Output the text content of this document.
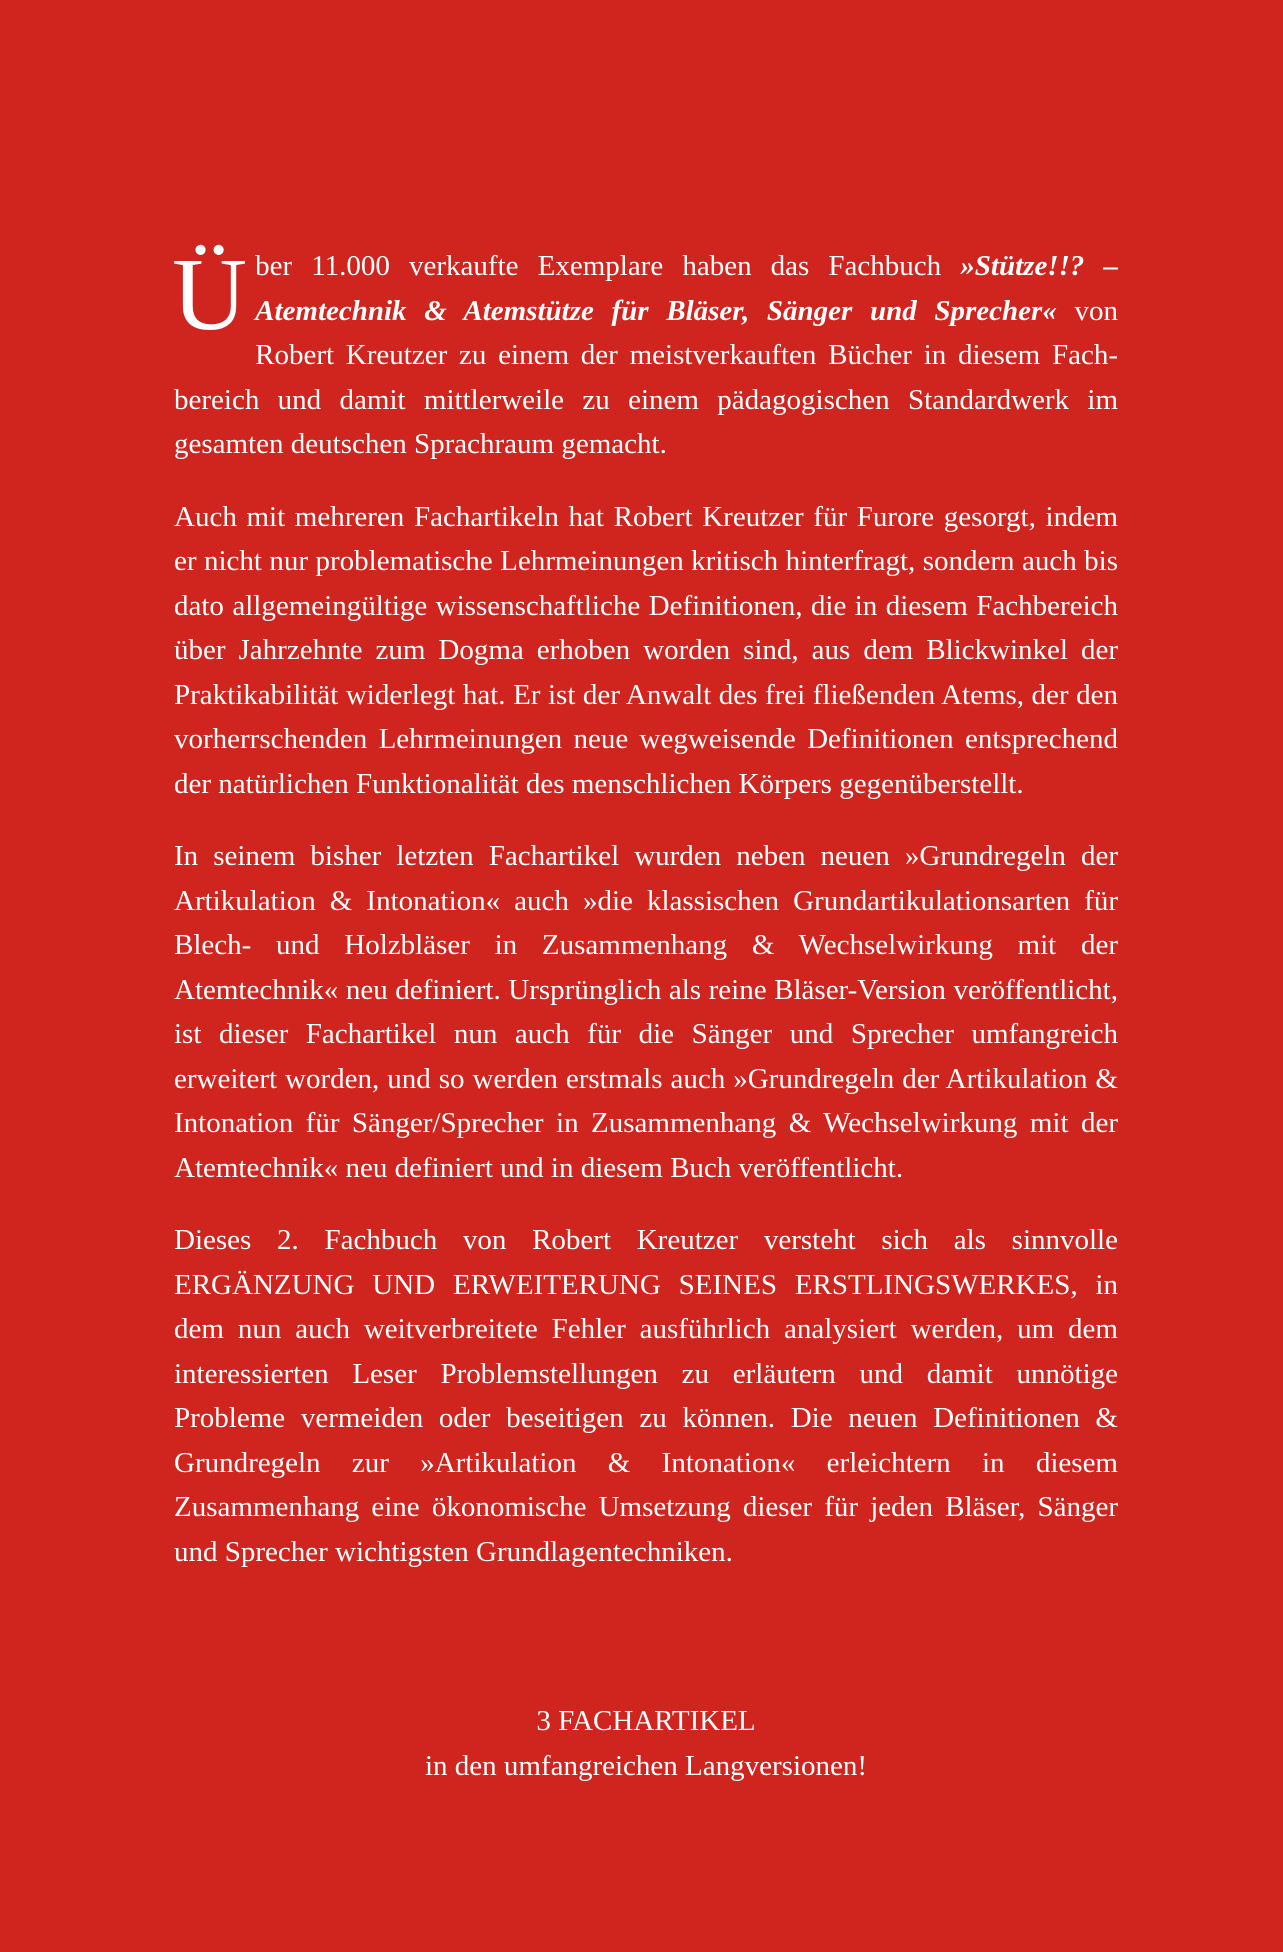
Über 11.000 verkaufte Exemplare haben das Fachbuch »Stütze!!? – Atemtechnik & Atemstütze für Bläser, Sänger und Sprecher« von Robert Kreutzer zu einem der meistverkauften Bücher in diesem Fachbereich und damit mittlerweile zu einem pädagogischen Standardwerk im gesamten deutschen Sprachraum gemacht.

Auch mit mehreren Fachartikeln hat Robert Kreutzer für Furore gesorgt, indem er nicht nur problematische Lehrmeinungen kritisch hinterfragt, sondern auch bis dato allgemeingültige wissenschaftliche Definitionen, die in diesem Fachbereich über Jahrzehnte zum Dogma erhoben worden sind, aus dem Blickwinkel der Praktikabilität widerlegt hat. Er ist der Anwalt des frei fließenden Atems, der den vorherrschenden Lehrmeinungen neue wegweisende Definitionen entsprechend der natürlichen Funktionalität des menschlichen Körpers gegenüberstellt.

In seinem bisher letzten Fachartikel wurden neben neuen »Grundregeln der Artikulation & Intonation« auch »die klassischen Grundartikulationsarten für Blech- und Holzbläser in Zusammenhang & Wechselwirkung mit der Atemtechnik« neu definiert. Ursprünglich als reine Bläser-Version veröffentlicht, ist dieser Fachartikel nun auch für die Sänger und Sprecher umfangreich erweitert worden, und so werden erstmals auch »Grundregeln der Artikulation & Intonation für Sänger/Sprecher in Zusammenhang & Wechselwirkung mit der Atemtechnik« neu definiert und in diesem Buch veröffentlicht.

Dieses 2. Fachbuch von Robert Kreutzer versteht sich als sinnvolle ERGÄNZUNG UND ERWEITERUNG SEINES ERSTLINGSWERKES, in dem nun auch weitverbreitete Fehler ausführlich analysiert werden, um dem interessierten Leser Problemstellungen zu erläutern und damit unnötige Probleme vermeiden oder beseitigen zu können. Die neuen Definitionen & Grundregeln zur »Artikulation & Intonation« erleichtern in diesem Zusammenhang eine ökonomische Umsetzung dieser für jeden Bläser, Sänger und Sprecher wichtigsten Grundlagentechniken.

3 FACHARTIKEL
in den umfangreichen Langversionen!
